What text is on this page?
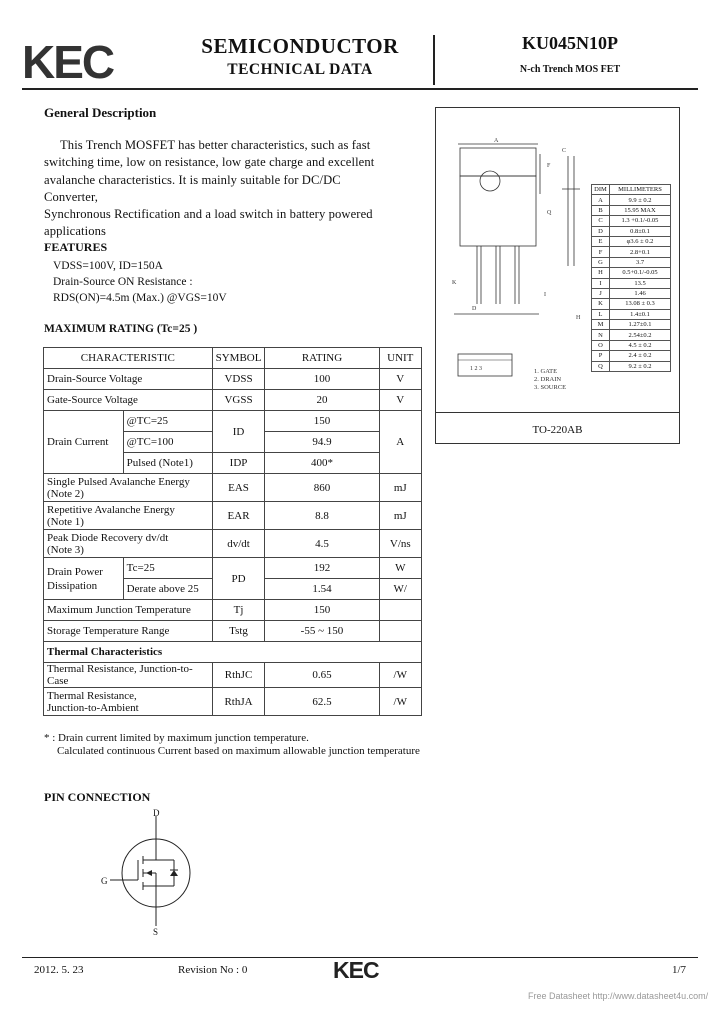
KEC	SEMICONDUCTOR
TECHNICAL DATA
KU045N10P
N-ch Trench MOS FET
General Description
This Trench MOSFET has better characteristics, such as fast
switching time, low on resistance, low gate charge and excellent
avalanche characteristics. It is mainly suitable for DC/DC Converter,
Synchronous Rectification and a load switch in battery powered
applications
FEATURES
VDSS=100V, ID=150A
Drain-Source ON Resistance :
RDS(ON)=4.5m (Max.) @VGS=10V
MAXIMUM RATING (Tc=25 )
CHARACTERISTIC		SYMBOL	RATING	UNIT
Drain-Source Voltage		VDSS	100	V
Gate-Source Voltage		VGSS	20	V
Drain Current	@TC=25	ID	150	A
	@TC=100		94.9	
	Pulsed (Note1)	IDP	400*	

Single Pulsed Avalanche Energy
(Note 2)		EAS	860	mJ

Repetitive Avalanche Energy
(Note 1)		EAR	8.8	mJ

Peak Diode Recovery dv/dt
(Note 3)		dv/dt	4.5	V/ns

Drain Power
Dissipation	Tc=25	PD	192	W
	Derate above 25		1.54	W/
Maximum Junction Temperature		Tj	150	
Storage Temperature Range		Tstg	-55 ~ 150	
Thermal Characteristics				
Thermal Resistance, Junction-to-Case		RthJC	0.65	/W

Thermal Resistance,
Junction-to-Ambient		RthJA	62.5	/W
* : Drain current limited by maximum junction temperature.
Calculated continuous Current based on maximum allowable junction temperature
A
F
C
Q
K
D
I
H
1 2 3	1. GATE
2. DRAIN
3. SOURCE
DIM	MILLIMETERS
A	9.9 ± 0.2
B	15.95 MAX
C	1.3 +0.1/-0.05
D	0.8±0.1
E	φ3.6 ± 0.2
F	2.8+0.1
G	3.7
H	0.5+0.1/-0.05
I	13.5
J	1.46
K	13.08 ± 0.3
L	1.4±0.1
M	1.27±0.1
N	2.54±0.2
O	4.5 ± 0.2
P	2.4 ± 0.2
Q	9.2 ± 0.2
TO-220AB
PIN CONNECTION
D
G
S
2012. 5. 23	Revision No : 0	KEC	1/7
Free Datasheet http://www.datasheet4u.com/
